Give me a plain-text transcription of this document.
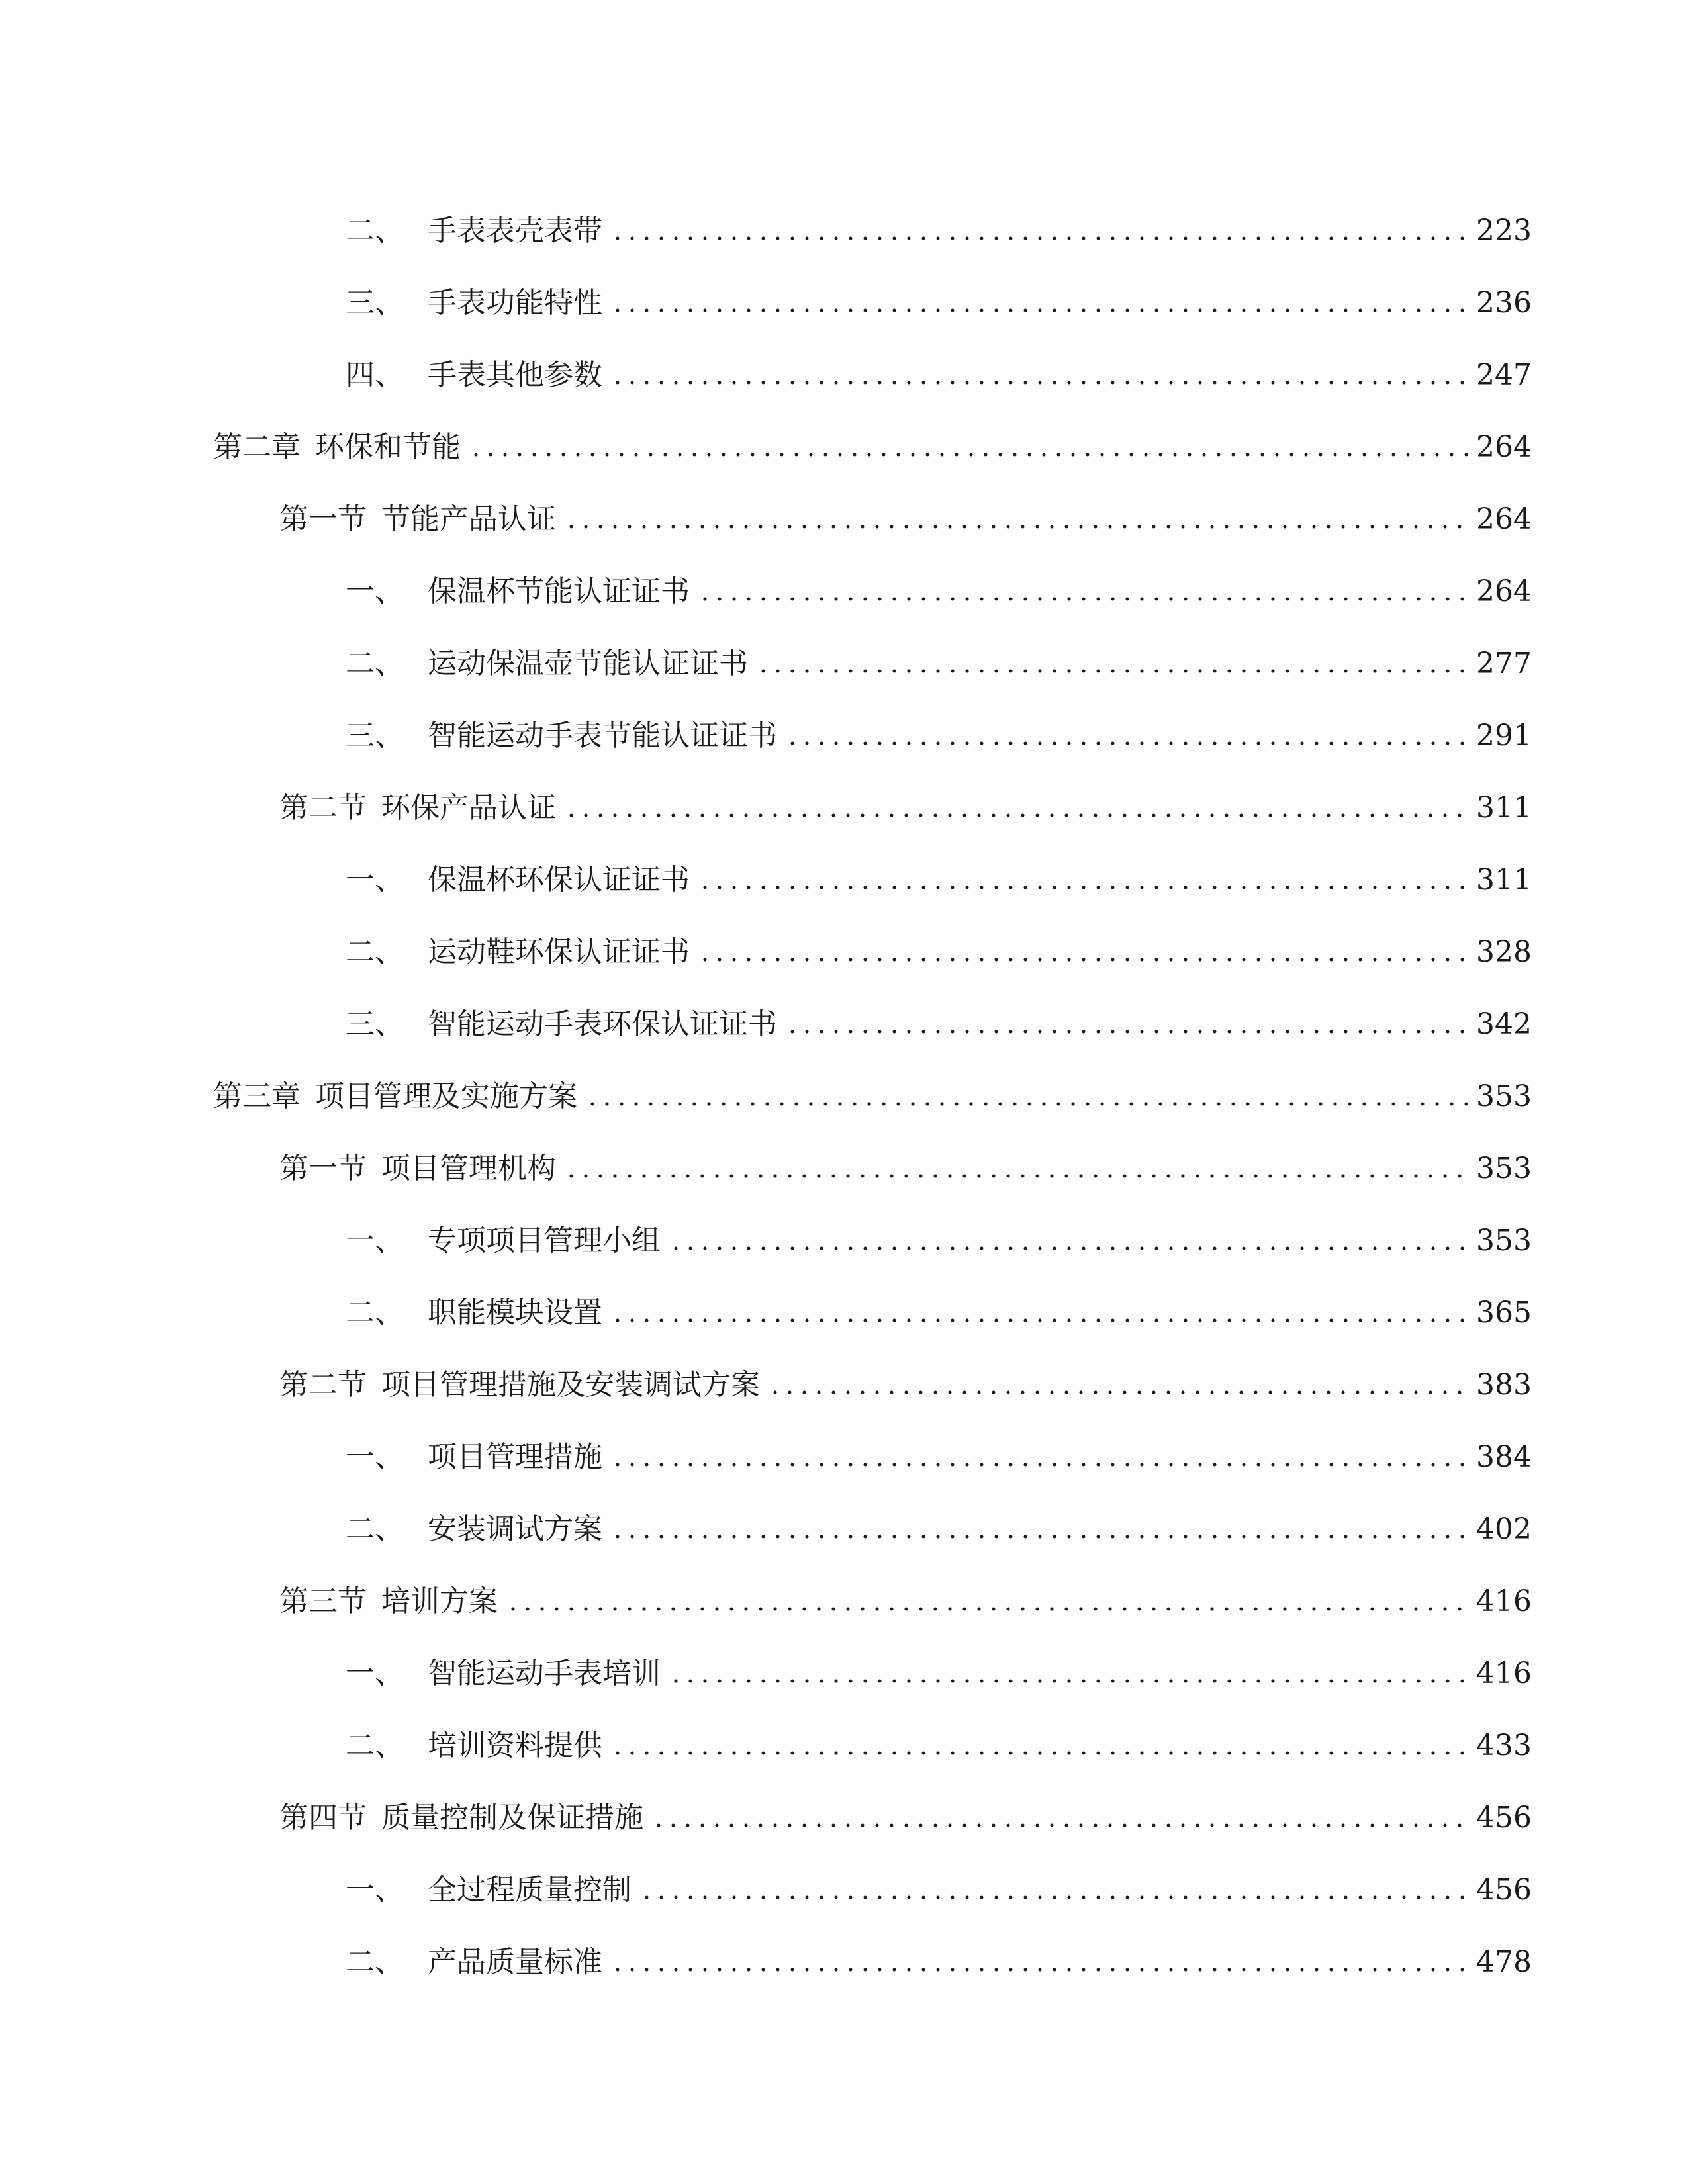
二、 手表表壳表带	223
三、 手表功能特性	236
四、 手表其他参数	247
第二章 环保和节能	264
第一节 节能产品认证	264
一、 保温杯节能认证证书	264
二、 运动保温壶节能认证证书	277
三、 智能运动手表节能认证证书	291
第二节 环保产品认证	311
一、 保温杯环保认证证书	311
二、 运动鞋环保认证证书	328
三、 智能运动手表环保认证证书	342
第三章 项目管理及实施方案	353
第一节 项目管理机构	353
一、 专项项目管理小组	353
二、 职能模块设置	365
第二节 项目管理措施及安装调试方案	383
一、 项目管理措施	384
二、 安装调试方案	402
第三节 培训方案	416
一、 智能运动手表培训	416
二、 培训资料提供	433
第四节 质量控制及保证措施	456
一、 全过程质量控制	456
二、 产品质量标准	478
